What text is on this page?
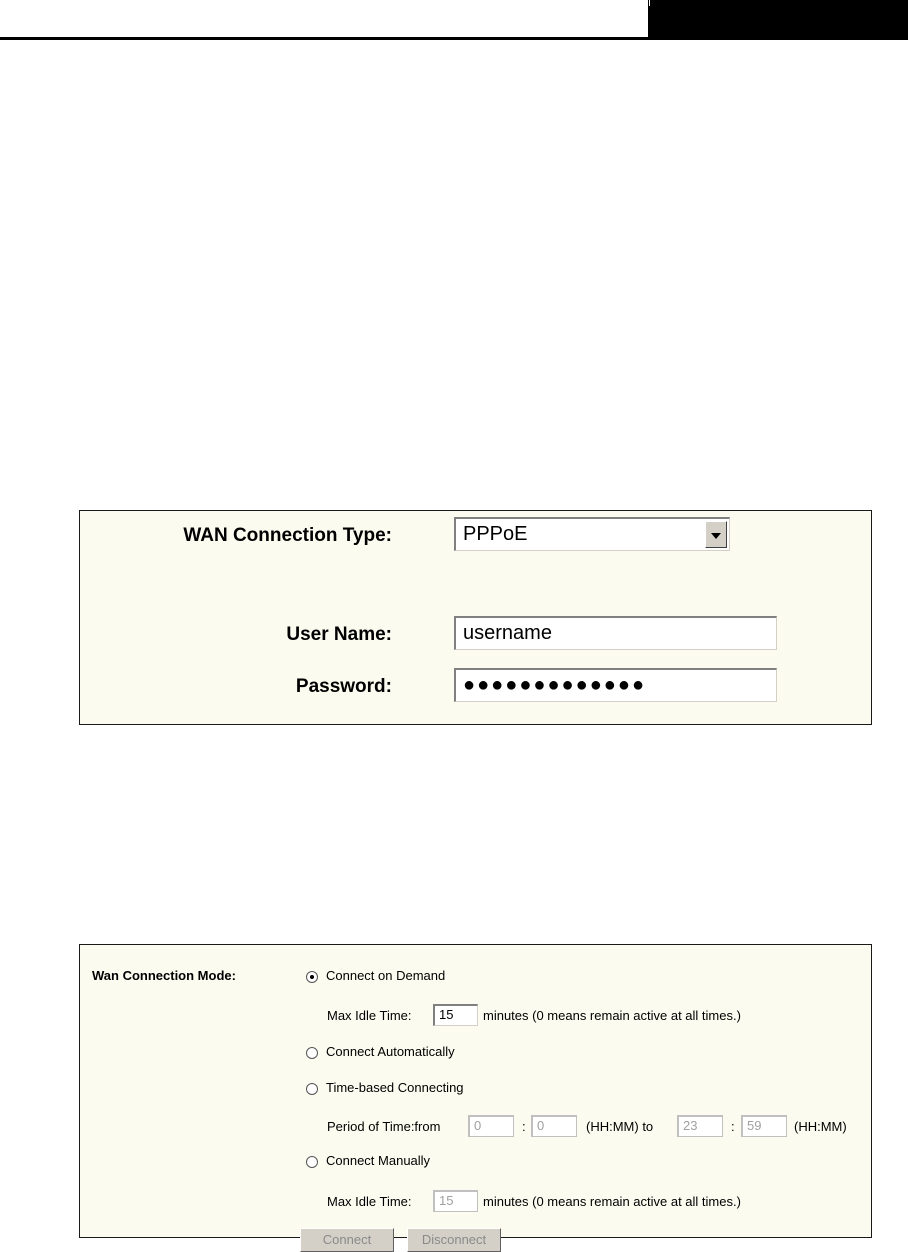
WAN Connection Type:	PPPoE
User Name:	username
Password:	●●●●●●●●●●●●●
Wan Connection Mode:	Connect on Demand
Max Idle Time:	15	minutes (0 means remain active at all times.)
Connect Automatically
Time-based Connecting
Period of Time:from	0	: 0	(HH:MM) to	23	: 59	(HH:MM)
Connect Manually
Max Idle Time:	15	minutes (0 means remain active at all times.)
Connect	Disconnect
